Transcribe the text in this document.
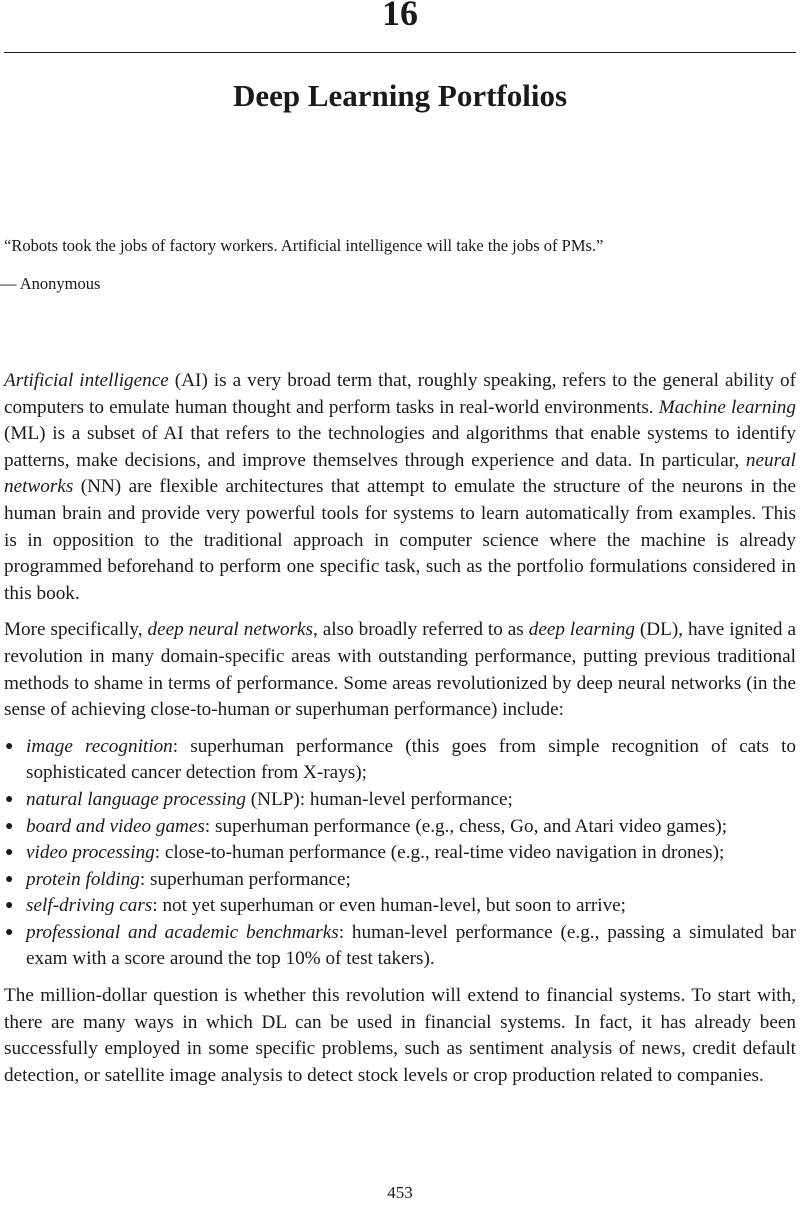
16
Deep Learning Portfolios
“Robots took the jobs of factory workers. Artificial intelligence will take the jobs of PMs.”
— Anonymous

Artificial intelligence (AI) is a very broad term that, roughly speaking, refers to the general ability of computers to emulate human thought and perform tasks in real-world environments. Machine learning (ML) is a subset of AI that refers to the technologies and algorithms that enable systems to identify patterns, make decisions, and improve themselves through experience and data. In particular, neural networks (NN) are flexible architectures that attempt to emulate the structure of the neurons in the human brain and provide very powerful tools for systems to learn automatically from examples. This is in opposition to the traditional approach in computer science where the machine is already programmed beforehand to perform one specific task, such as the portfolio formulations considered in this book.

More specifically, deep neural networks, also broadly referred to as deep learning (DL), have ignited a revolution in many domain-specific areas with outstanding performance, putting previous traditional methods to shame in terms of performance. Some areas revolutionized by deep neural networks (in the sense of achieving close-to-human or superhuman performance) include:

● image recognition: superhuman performance (this goes from simple recognition of cats to sophisticated cancer detection from X-rays);
● natural language processing (NLP): human-level performance;
● board and video games: superhuman performance (e.g., chess, Go, and Atari video games);
● video processing: close-to-human performance (e.g., real-time video navigation in drones);
● protein folding: superhuman performance;
● self-driving cars: not yet superhuman or even human-level, but soon to arrive;
● professional and academic benchmarks: human-level performance (e.g., passing a simulated bar exam with a score around the top 10% of test takers).

The million-dollar question is whether this revolution will extend to financial systems. To start with, there are many ways in which DL can be used in financial systems. In fact, it has already been successfully employed in some specific problems, such as sentiment analysis of news, credit default detection, or satellite image analysis to detect stock levels or crop production related to companies.

453
